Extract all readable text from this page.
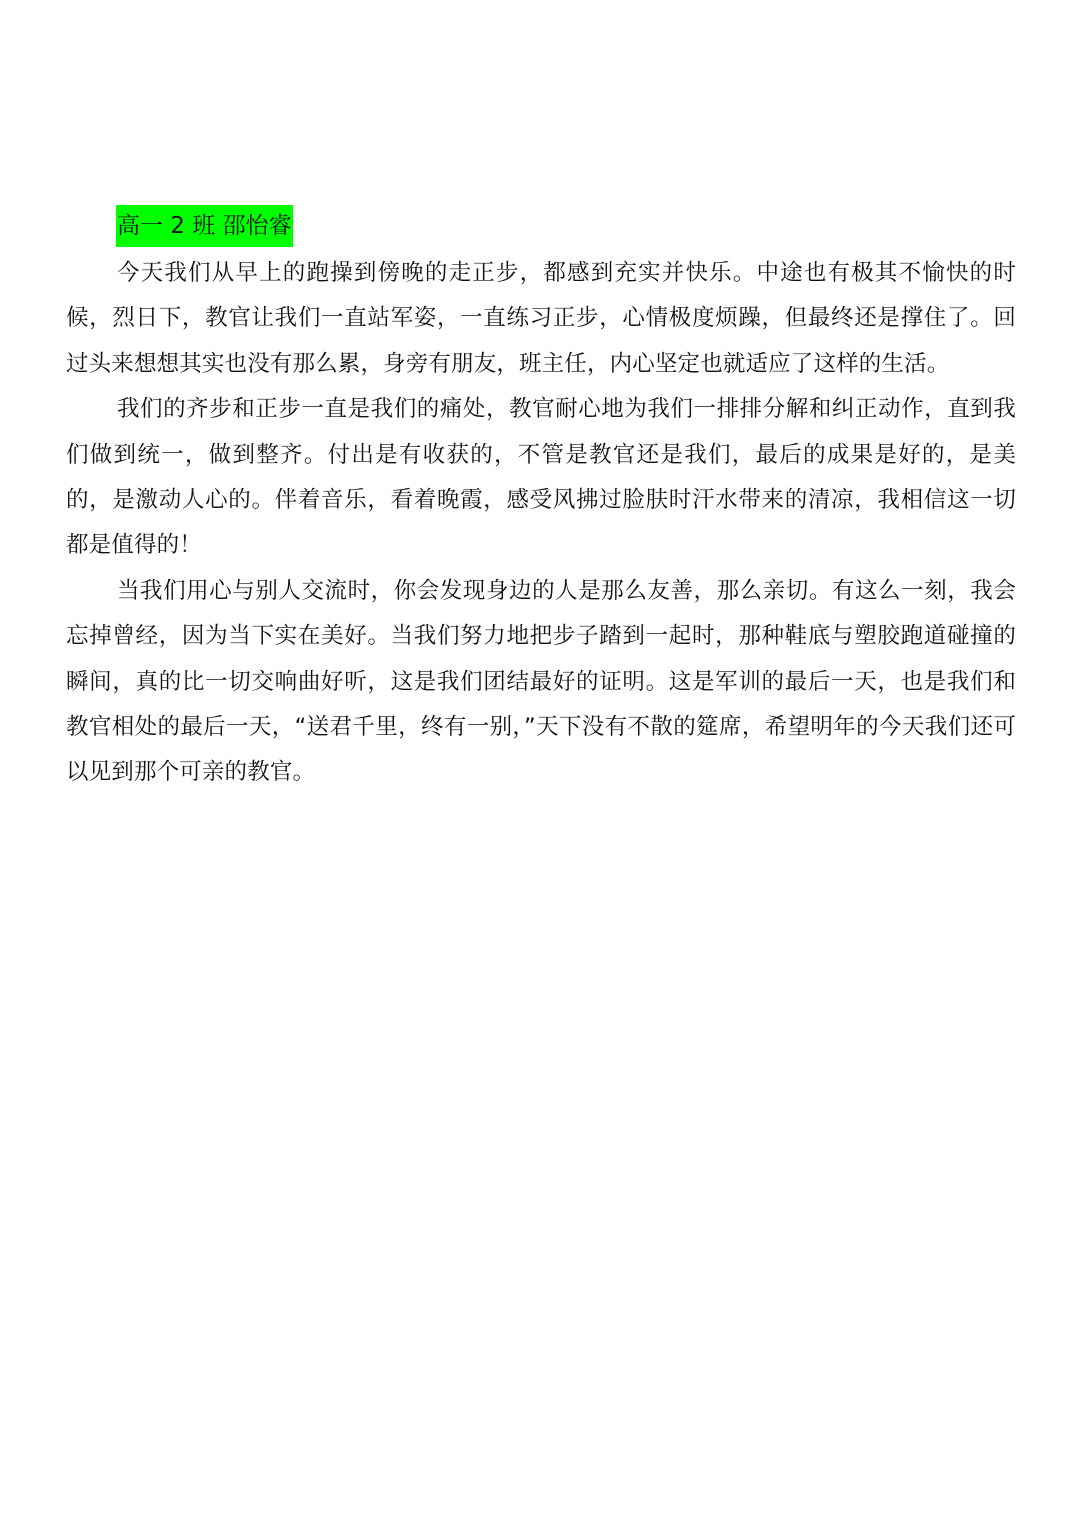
高一 2 班 邵怡睿

今天我们从早上的跑操到傍晚的走正步，都感到充实并快乐。中途也有极其不愉快的时候，烈日下，教官让我们一直站军姿，一直练习正步，心情极度烦躁，但最终还是撑住了。回过头来想想其实也没有那么累，身旁有朋友，班主任，内心坚定也就适应了这样的生活。

我们的齐步和正步一直是我们的痛处，教官耐心地为我们一排排分解和纠正动作，直到我们做到统一，做到整齐。付出是有收获的，不管是教官还是我们，最后的成果是好的，是美的，是激动人心的。伴着音乐，看着晚霞，感受风拂过脸肤时汗水带来的清凉，我相信这一切都是值得的！

当我们用心与别人交流时，你会发现身边的人是那么友善，那么亲切。有这么一刻，我会忘掉曾经，因为当下实在美好。当我们努力地把步子踏到一起时，那种鞋底与塑胶跑道碰撞的瞬间，真的比一切交响曲好听，这是我们团结最好的证明。这是军训的最后一天，也是我们和教官相处的最后一天，“送君千里，终有一别，”天下没有不散的筵席，希望明年的今天我们还可以见到那个可亲的教官。
